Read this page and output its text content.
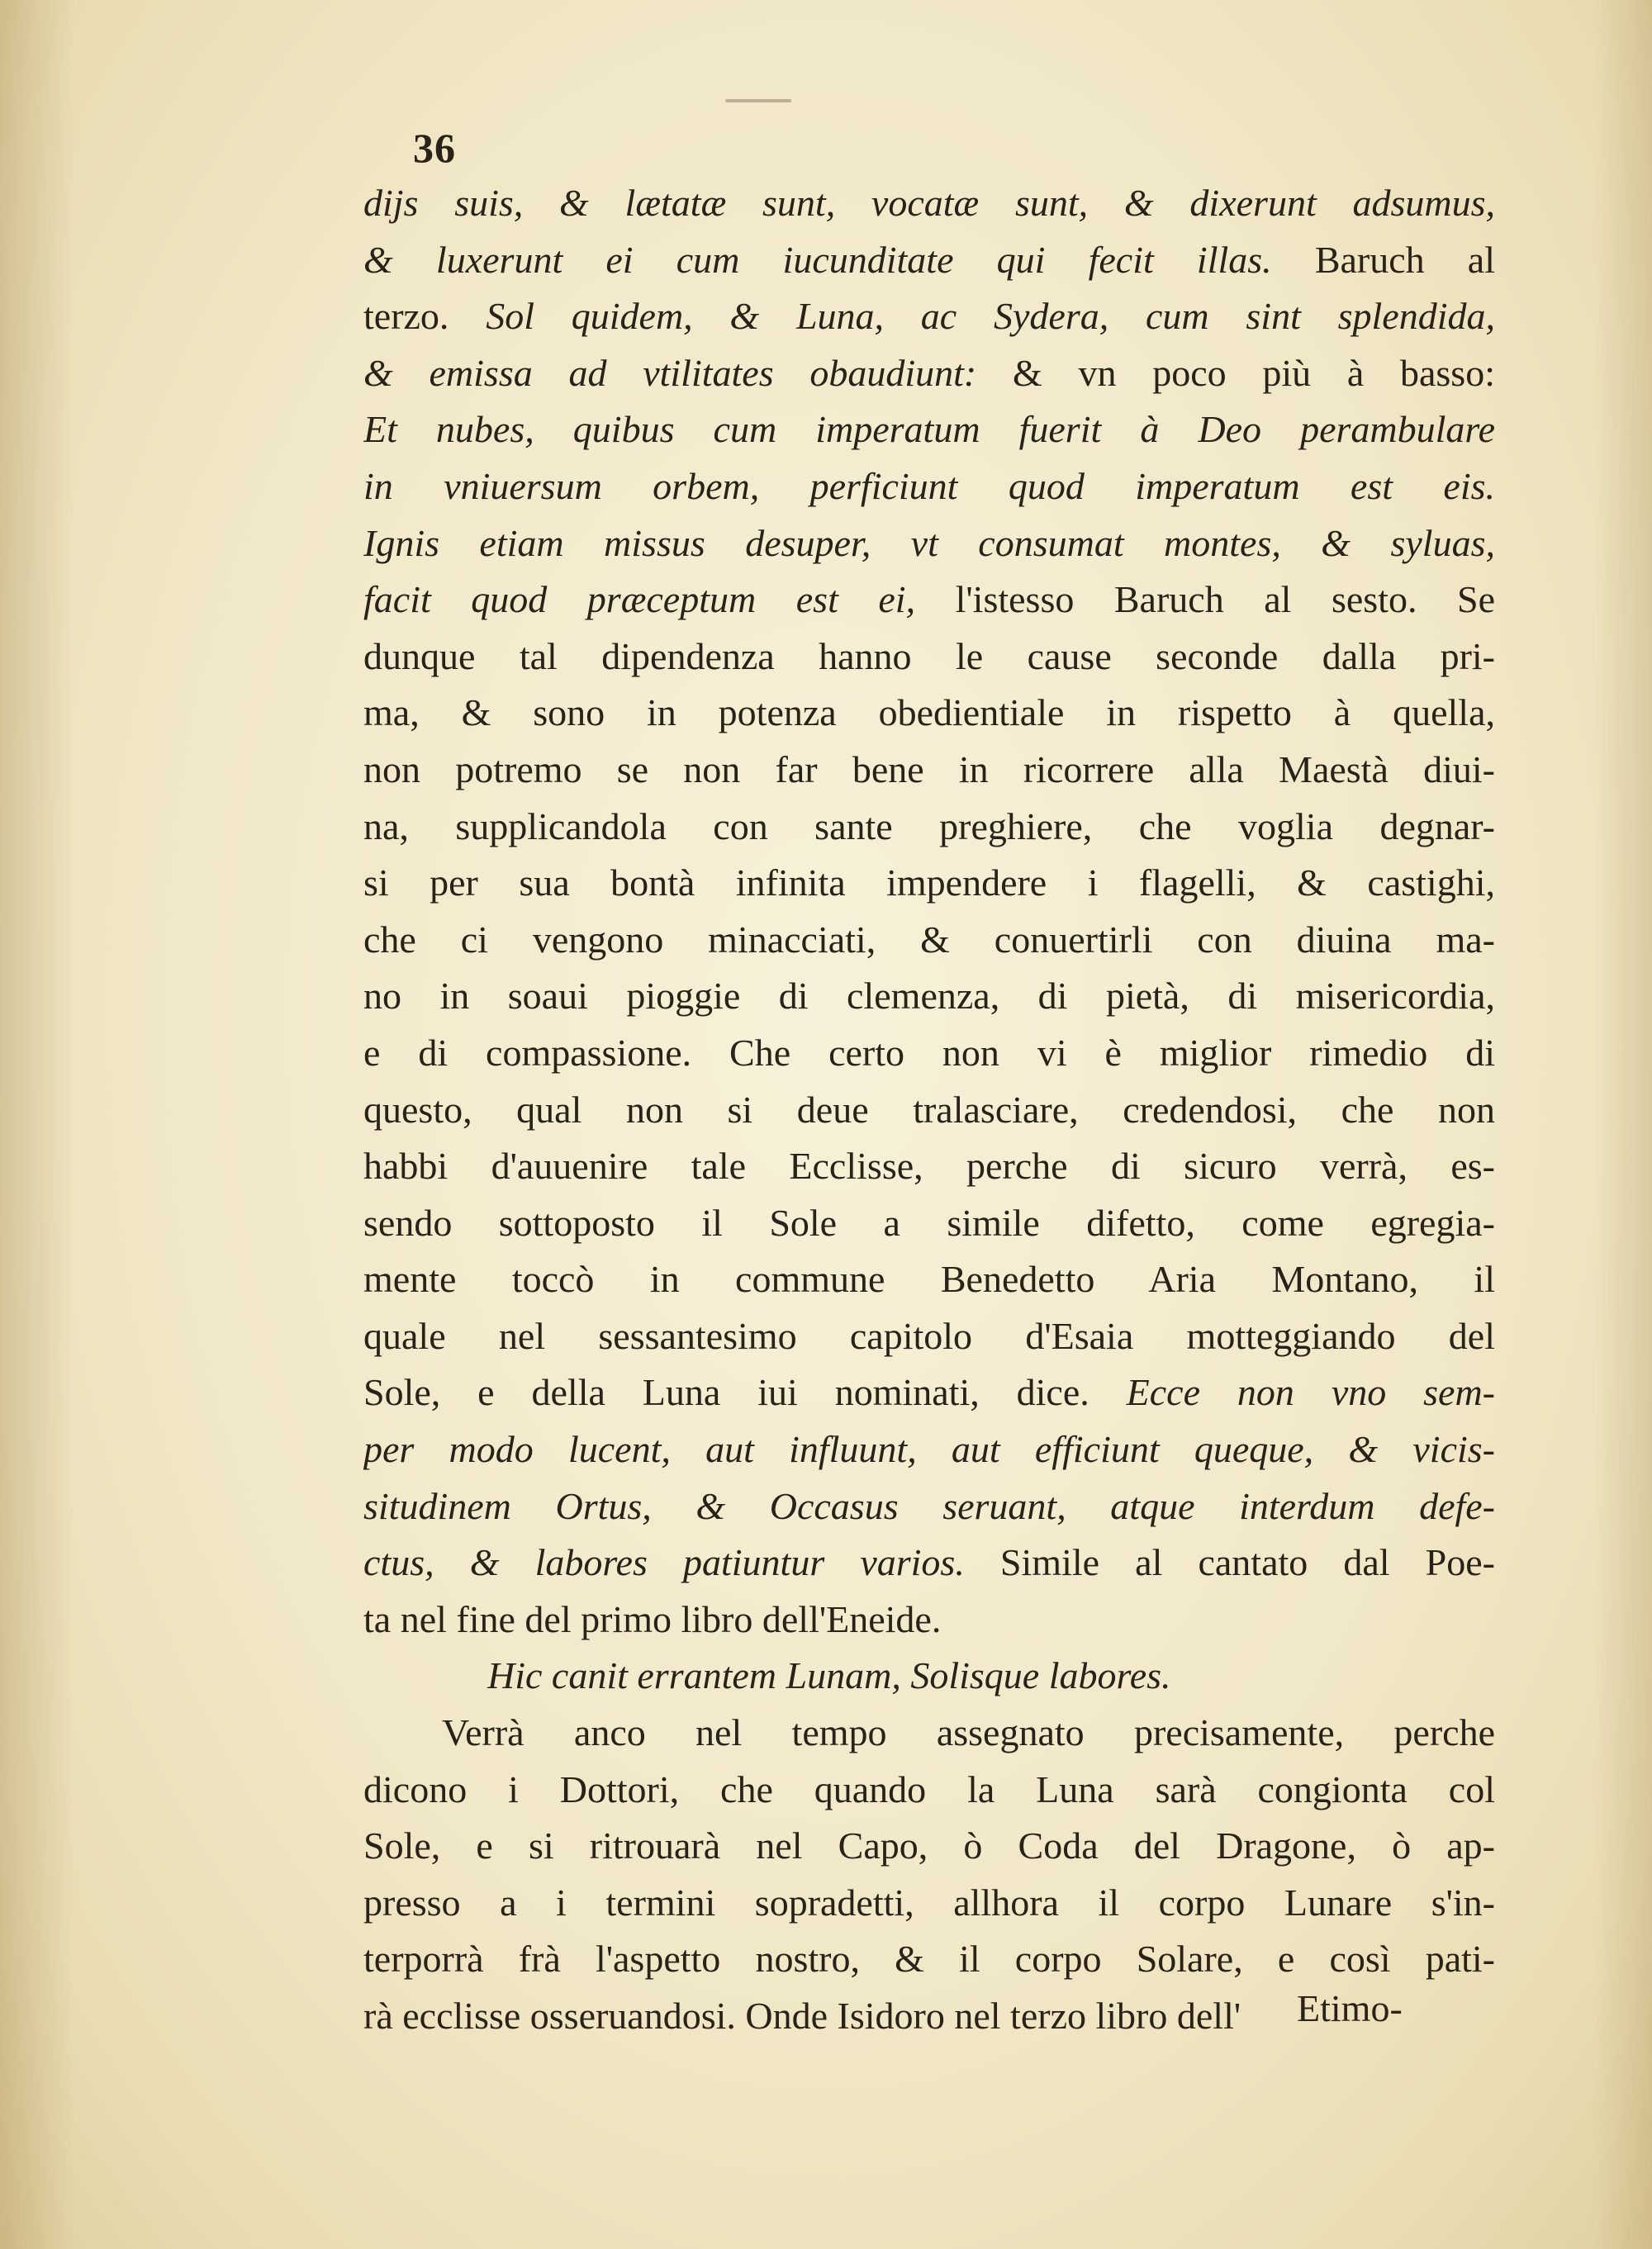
36
dijs suis, & lætatæ sunt, vocatæ sunt, & dixerunt adsumus,
& luxerunt ei cum iucunditate qui fecit illas. Baruch al
terzo. Sol quidem, & Luna, ac Sydera, cum sint splendida,
& emissa ad vtilitates obaudiunt: & vn poco più à basso:
Et nubes, quibus cum imperatum fuerit à Deo perambulare
in vniuersum orbem, perficiunt quod imperatum est eis.
Ignis etiam missus desuper, vt consumat montes, & syluas,
facit quod præceptum est ei, l'istesso Baruch al sesto. Se
dunque tal dipendenza hanno le cause seconde dalla pri-
ma, & sono in potenza obedientiale in rispetto à quella,
non potremo se non far bene in ricorrere alla Maestà diui-
na, supplicandola con sante preghiere, che voglia degnar-
si per sua bontà infinita impendere i flagelli, & castighi,
che ci vengono minacciati, & conuertirli con diuina ma-
no in soaui pioggie di clemenza, di pietà, di misericordia,
e di compassione. Che certo non vi è miglior rimedio di
questo, qual non si deue tralasciare, credendosi, che non
habbi d'auuenire tale Ecclisse, perche di sicuro verrà, es-
sendo sottoposto il Sole a simile difetto, come egregia-
mente toccò in commune Benedetto Aria Montano, il
quale nel sessantesimo capitolo d'Esaia motteggiando del
Sole, e della Luna iui nominati, dice. Ecce non vno sem-
per modo lucent, aut influunt, aut efficiunt queque, & vicis-
situdinem Ortus, & Occasus seruant, atque interdum defe-
ctus, & labores patiuntur varios. Simile al cantato dal Poe-
ta nel fine del primo libro dell'Eneide.
Hic canit errantem Lunam, Solisque labores.
Verrà anco nel tempo assegnato precisamente, perche
dicono i Dottori, che quando la Luna sarà congionta col
Sole, e si ritrouarà nel Capo, ò Coda del Dragone, ò ap-
presso a i termini sopradetti, allhora il corpo Lunare s'in-
terporrà frà l'aspetto nostro, & il corpo Solare, e così pati-
rà ecclisse osseruandosi. Onde Isidoro nel terzo libro dell'	Etimo-
